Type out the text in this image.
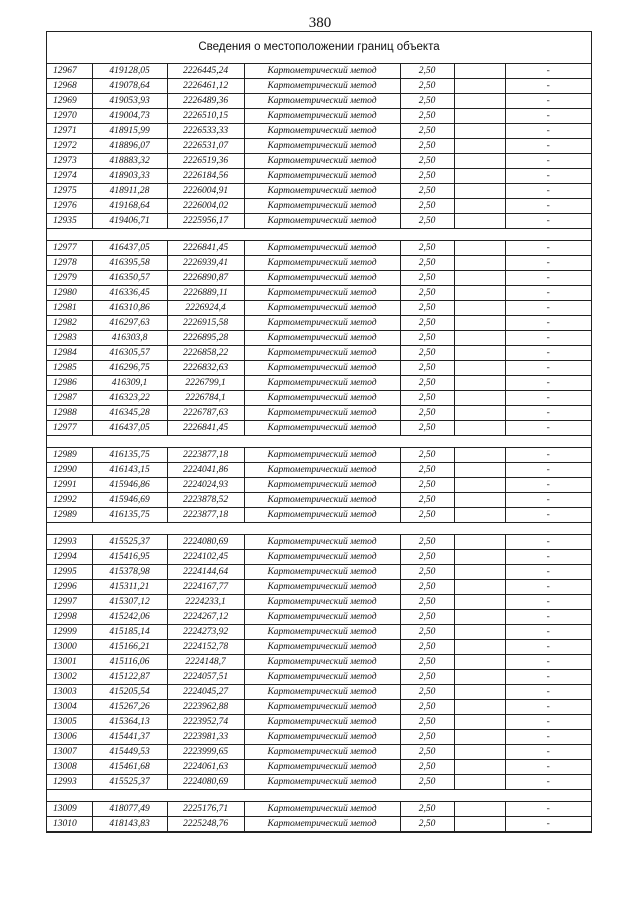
380
Сведения о местоположении границ объекта
12967	419128,05	2226445,24	Картометрический метод	2,50		-
12968	419078,64	2226461,12	Картометрический метод	2,50		-
12969	419053,93	2226489,36	Картометрический метод	2,50		-
12970	419004,73	2226510,15	Картометрический метод	2,50		-
12971	418915,99	2226533,33	Картометрический метод	2,50		-
12972	418896,07	2226531,07	Картометрический метод	2,50		-
12973	418883,32	2226519,36	Картометрический метод	2,50		-
12974	418903,33	2226184,56	Картометрический метод	2,50		-
12975	418911,28	2226004,91	Картометрический метод	2,50		-
12976	419168,64	2226004,02	Картометрический метод	2,50		-
12935	419406,71	2225956,17	Картометрический метод	2,50		-

12977	416437,05	2226841,45	Картометрический метод	2,50		-
12978	416395,58	2226939,41	Картометрический метод	2,50		-
12979	416350,57	2226890,87	Картометрический метод	2,50		-
12980	416336,45	2226889,11	Картометрический метод	2,50		-
12981	416310,86	2226924,4	Картометрический метод	2,50		-
12982	416297,63	2226915,58	Картометрический метод	2,50		-
12983	416303,8	2226895,28	Картометрический метод	2,50		-
12984	416305,57	2226858,22	Картометрический метод	2,50		-
12985	416296,75	2226832,63	Картометрический метод	2,50		-
12986	416309,1	2226799,1	Картометрический метод	2,50		-
12987	416323,22	2226784,1	Картометрический метод	2,50		-
12988	416345,28	2226787,63	Картометрический метод	2,50		-
12977	416437,05	2226841,45	Картометрический метод	2,50		-

12989	416135,75	2223877,18	Картометрический метод	2,50		-
12990	416143,15	2224041,86	Картометрический метод	2,50		-
12991	415946,86	2224024,93	Картометрический метод	2,50		-
12992	415946,69	2223878,52	Картометрический метод	2,50		-
12989	416135,75	2223877,18	Картометрический метод	2,50		-

12993	415525,37	2224080,69	Картометрический метод	2,50		-
12994	415416,95	2224102,45	Картометрический метод	2,50		-
12995	415378,98	2224144,64	Картометрический метод	2,50		-
12996	415311,21	2224167,77	Картометрический метод	2,50		-
12997	415307,12	2224233,1	Картометрический метод	2,50		-
12998	415242,06	2224267,12	Картометрический метод	2,50		-
12999	415185,14	2224273,92	Картометрический метод	2,50		-
13000	415166,21	2224152,78	Картометрический метод	2,50		-
13001	415116,06	2224148,7	Картометрический метод	2,50		-
13002	415122,87	2224057,51	Картометрический метод	2,50		-
13003	415205,54	2224045,27	Картометрический метод	2,50		-
13004	415267,26	2223962,88	Картометрический метод	2,50		-
13005	415364,13	2223952,74	Картометрический метод	2,50		-
13006	415441,37	2223981,33	Картометрический метод	2,50		-
13007	415449,53	2223999,65	Картометрический метод	2,50		-
13008	415461,68	2224061,63	Картометрический метод	2,50		-
12993	415525,37	2224080,69	Картометрический метод	2,50		-

13009	418077,49	2225176,71	Картометрический метод	2,50		-
13010	418143,83	2225248,76	Картометрический метод	2,50		-
